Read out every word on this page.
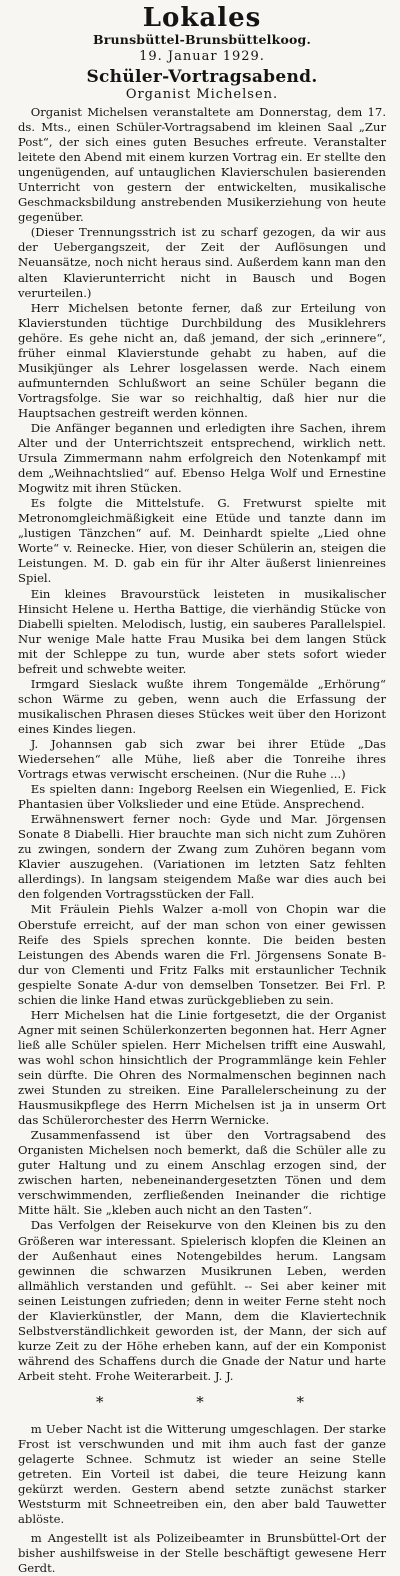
Lokales
Brunsbüttel-Brunsbüttelkoog.
19. Januar 1929.
Schüler-Vortragsabend.
Organist Michelsen.

Organist Michelsen veranstaltete am Donnerstag, dem 17. ds. Mts., einen Schüler-Vortragsabend im kleinen Saal „Zur Post“, der sich eines guten Besuches erfreute. Veranstalter leitete den Abend mit einem kurzen Vortrag ein. Er stellte den ungenügenden, auf untauglichen Klavierschulen basierenden Unterricht von gestern der entwickelten, musikalische Geschmacksbildung anstrebenden Musikerziehung von heute gegenüber.

(Dieser Trennungsstrich ist zu scharf gezogen, da wir aus der Uebergangszeit, der Zeit der Auflösungen und Neuansätze, noch nicht heraus sind. Außerdem kann man den alten Klavierunterricht nicht in Bausch und Bogen verurteilen.)

Herr Michelsen betonte ferner, daß zur Erteilung von Klavierstunden tüchtige Durchbildung des Musiklehrers gehöre. Es gehe nicht an, daß jemand, der sich „erinnere“, früher einmal Klavierstunde gehabt zu haben, auf die Musikjünger als Lehrer losgelassen werde. Nach einem aufmunternden Schlußwort an seine Schüler begann die Vortragsfolge. Sie war so reichhaltig, daß hier nur die Hauptsachen gestreift werden können.

Die Anfänger begannen und erledigten ihre Sachen, ihrem Alter und der Unterrichtszeit entsprechend, wirklich nett. Ursula Zimmermann nahm erfolgreich den Notenkampf mit dem „Weihnachtslied“ auf. Ebenso Helga Wolf und Ernestine Mogwitz mit ihren Stücken.

Es folgte die Mittelstufe. G. Fretwurst spielte mit Metronomgleichmäßigkeit eine Etüde und tanzte dann im „lustigen Tänzchen“ auf. M. Deinhardt spielte „Lied ohne Worte“ v. Reinecke. Hier, von dieser Schülerin an, steigen die Leistungen. M. D. gab ein für ihr Alter äußerst linienreines Spiel.

Ein kleines Bravourstück leisteten in musikalischer Hinsicht Helene u. Hertha Battige, die vierhändig Stücke von Diabelli spielten. Melodisch, lustig, ein sauberes Parallelspiel. Nur wenige Male hatte Frau Musika bei dem langen Stück mit der Schleppe zu tun, wurde aber stets sofort wieder befreit und schwebte weiter.

Irmgard Sieslack wußte ihrem Tongemälde „Erhörung“ schon Wärme zu geben, wenn auch die Erfassung der musikalischen Phrasen dieses Stückes weit über den Horizont eines Kindes liegen.

J. Johannsen gab sich zwar bei ihrer Etüde „Das Wiedersehen“ alle Mühe, ließ aber die Tonreihe ihres Vortrags etwas verwischt erscheinen. (Nur die Ruhe ...)

Es spielten dann: Ingeborg Reelsen ein Wiegenlied, E. Fick Phantasien über Volkslieder und eine Etüde. Ansprechend.

Erwähnenswert ferner noch: Gyde und Mar. Jörgensen Sonate 8 Diabelli. Hier brauchte man sich nicht zum Zuhören zu zwingen, sondern der Zwang zum Zuhören begann vom Klavier auszugehen. (Variationen im letzten Satz fehlten allerdings). In langsam steigendem Maße war dies auch bei den folgenden Vortragsstücken der Fall.

Mit Fräulein Piehls Walzer a-moll von Chopin war die Oberstufe erreicht, auf der man schon von einer gewissen Reife des Spiels sprechen konnte. Die beiden besten Leistungen des Abends waren die Frl. Jörgensens Sonate B-dur von Clementi und Fritz Falks mit erstaunlicher Technik gespielte Sonate A-dur von demselben Tonsetzer. Bei Frl. P. schien die linke Hand etwas zurückgeblieben zu sein.

Herr Michelsen hat die Linie fortgesetzt, die der Organist Agner mit seinen Schülerkonzerten begonnen hat. Herr Agner ließ alle Schüler spielen. Herr Michelsen trifft eine Auswahl, was wohl schon hinsichtlich der Programmlänge kein Fehler sein dürfte. Die Ohren des Normalmenschen beginnen nach zwei Stunden zu streiken. Eine Parallelerscheinung zu der Hausmusikpflege des Herrn Michelsen ist ja in unserm Ort das Schülerorchester des Herrn Wernicke.

Zusammenfassend ist über den Vortragsabend des Organisten Michelsen noch bemerkt, daß die Schüler alle zu guter Haltung und zu einem Anschlag erzogen sind, der zwischen harten, nebeneinandergesetzten Tönen und dem verschwimmenden, zerfließenden Ineinander die richtige Mitte hält. Sie „kleben auch nicht an den Tasten“.

Das Verfolgen der Reisekurve von den Kleinen bis zu den Größeren war interessant. Spielerisch klopfen die Kleinen an der Außenhaut eines Notengebildes herum. Langsam gewinnen die schwarzen Musikrunen Leben, werden allmählich verstanden und gefühlt. -- Sei aber keiner mit seinen Leistungen zufrieden; denn in weiter Ferne steht noch der Klavierkünstler, der Mann, dem die Klaviertechnik Selbstverständlichkeit geworden ist, der Mann, der sich auf kurze Zeit zu der Höhe erheben kann, auf der ein Komponist während des Schaffens durch die Gnade der Natur und harte Arbeit steht. Frohe Weiterarbeit. J. J.

* * *

m Ueber Nacht ist die Witterung umgeschlagen. Der starke Frost ist verschwunden und mit ihm auch fast der ganze gelagerte Schnee. Schmutz ist wieder an seine Stelle getreten. Ein Vorteil ist dabei, die teure Heizung kann gekürzt werden. Gestern abend setzte zunächst starker Weststurm mit Schneetreiben ein, den aber bald Tauwetter ablöste.

m Angestellt ist als Polizeibeamter in Brunsbüttel-Ort der bisher aushilfsweise in der Stelle beschäftigt gewesene Herr Gerdt.
